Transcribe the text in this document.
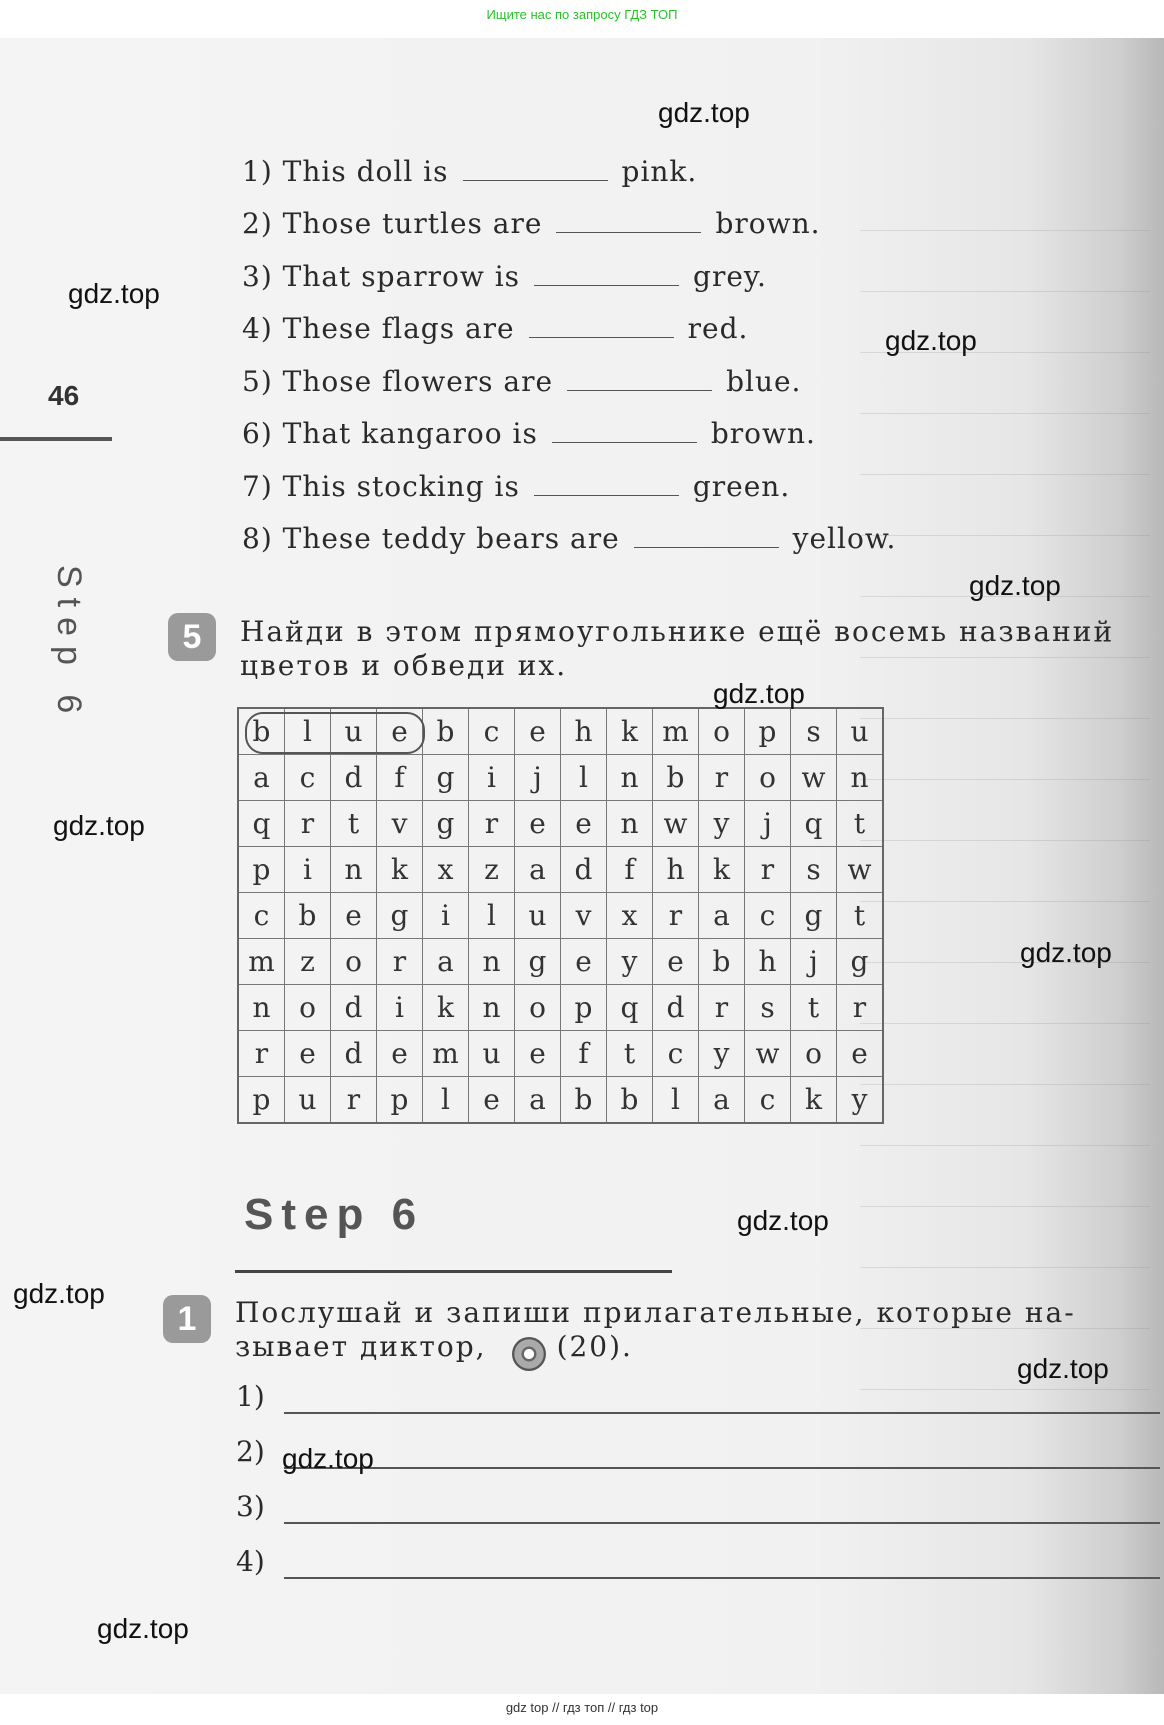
Ищите нас по запросу ГДЗ ТОП
46
Step 6
1) This doll is	pink.
2) Those turtles are	brown.
3) That sparrow is	grey.
4) These flags are	red.
5) Those flowers are	blue.
6) That kangaroo is	brown.
7) This stocking is	green.
8) These teddy bears are	yellow.
5	Найди в этом прямоугольнике ещё восемь названий
цветов и обведи их.
b	l	u	e	b	c	e	h	k	m	o	p	s	u
a	c	d	f	g	i	j	l	n	b	r	o	w	n
q	r	t	v	g	r	e	e	n	w	y	j	q	t
p	i	n	k	x	z	a	d	f	h	k	r	s	w
c	b	e	g	i	l	u	v	x	r	a	c	g	t
m	z	o	r	a	n	g	e	y	e	b	h	j	g
n	o	d	i	k	n	o	p	q	d	r	s	t	r
r	e	d	e	m	u	e	f	t	c	y	w	o	e
p	u	r	p	l	e	a	b	b	l	a	c	k	y
Step 6
1	Послушай и запиши прилагательные, которые на-
зывает диктор,	(20).
1)
2)
3)
4)
gdz.top
gdz.top
gdz.top
gdz.top
gdz.top
gdz.top
gdz.top
gdz.top
gdz.top
gdz.top
gdz.top
gdz.top
gdz top // гдз топ // гдз top
